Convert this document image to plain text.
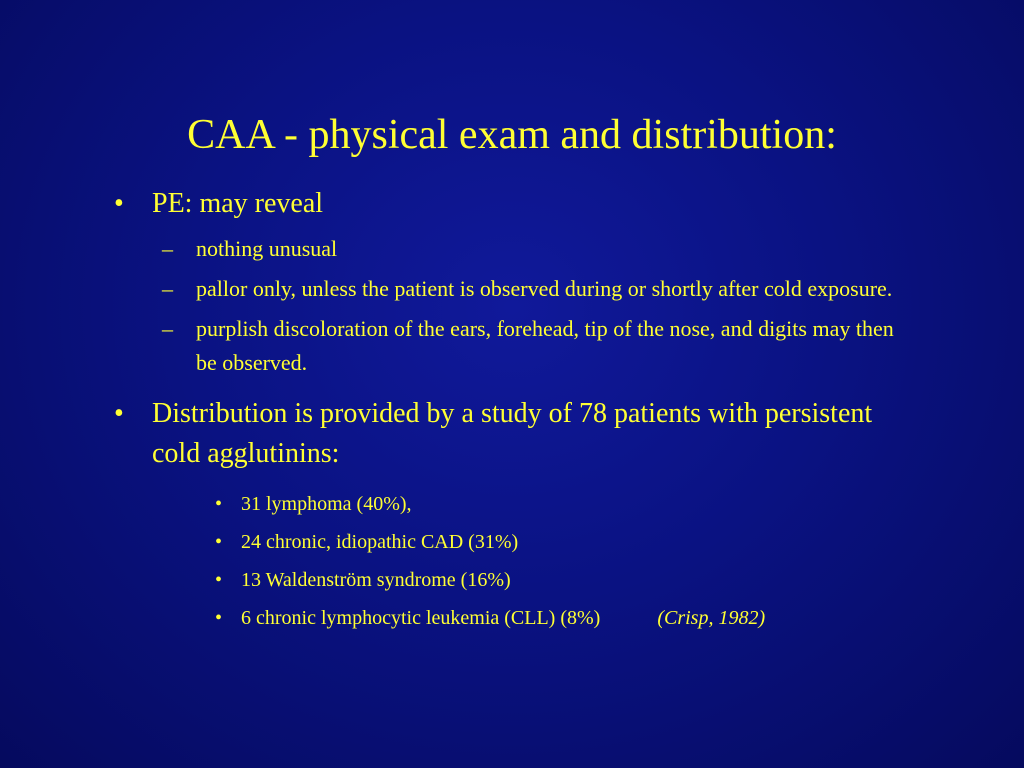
CAA - physical exam and distribution:
• PE: may reveal
– nothing unusual
– pallor only, unless the patient is observed during or shortly after cold exposure.
– purplish discoloration of the ears, forehead, tip of the nose, and digits may then be observed.
• Distribution is provided by a study of 78 patients with persistent cold agglutinins:
• 31 lymphoma (40%),
• 24 chronic, idiopathic CAD (31%)
• 13 Waldenström syndrome (16%)
• 6 chronic lymphocytic leukemia (CLL) (8%)	(Crisp, 1982)
